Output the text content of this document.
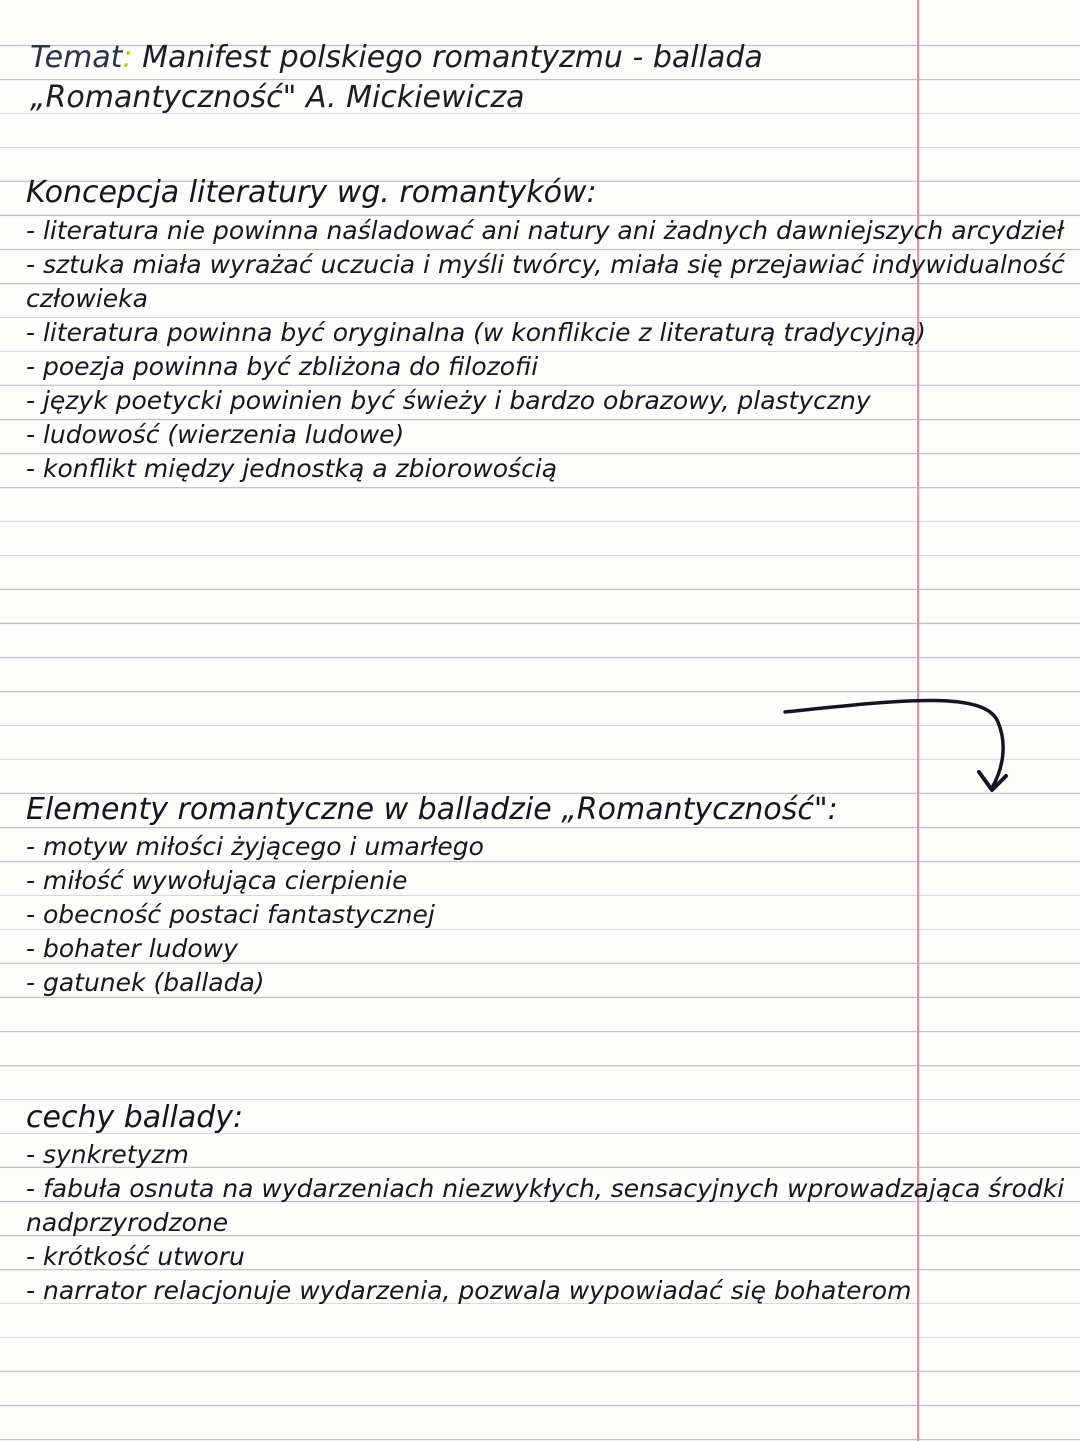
Temat: Manifest polskiego romantyzmu - ballada
„Romantyczność" A. Mickiewicza
Koncepcja literatury wg. romantyków:
- literatura nie powinna naśladować ani natury ani żadnych dawniejszych arcydzieł
- sztuka miała wyrażać uczucia i myśli twórcy, miała się przejawiać indywidualność człowieka
- literatura powinna być oryginalna (w konflikcie z literaturą tradycyjną)
- poezja powinna być zbliżona do filozofii
- język poetycki powinien być świeży i bardzo obrazowy, plastyczny
- ludowość (wierzenia ludowe)
- konflikt między jednostką a zbiorowością
Elementy romantyczne w balladzie „Romantyczność":
- motyw miłości żyjącego i umarłego
- miłość wywołująca cierpienie
- obecność postaci fantastycznej
- bohater ludowy
- gatunek (ballada)
cechy ballady:
- synkretyzm
- fabuła osnuta na wydarzeniach niezwykłych, sensacyjnych wprowadzająca środki nadprzyrodzone
- krótkość utworu
- narrator relacjonuje wydarzenia, pozwala wypowiadać się bohaterom
